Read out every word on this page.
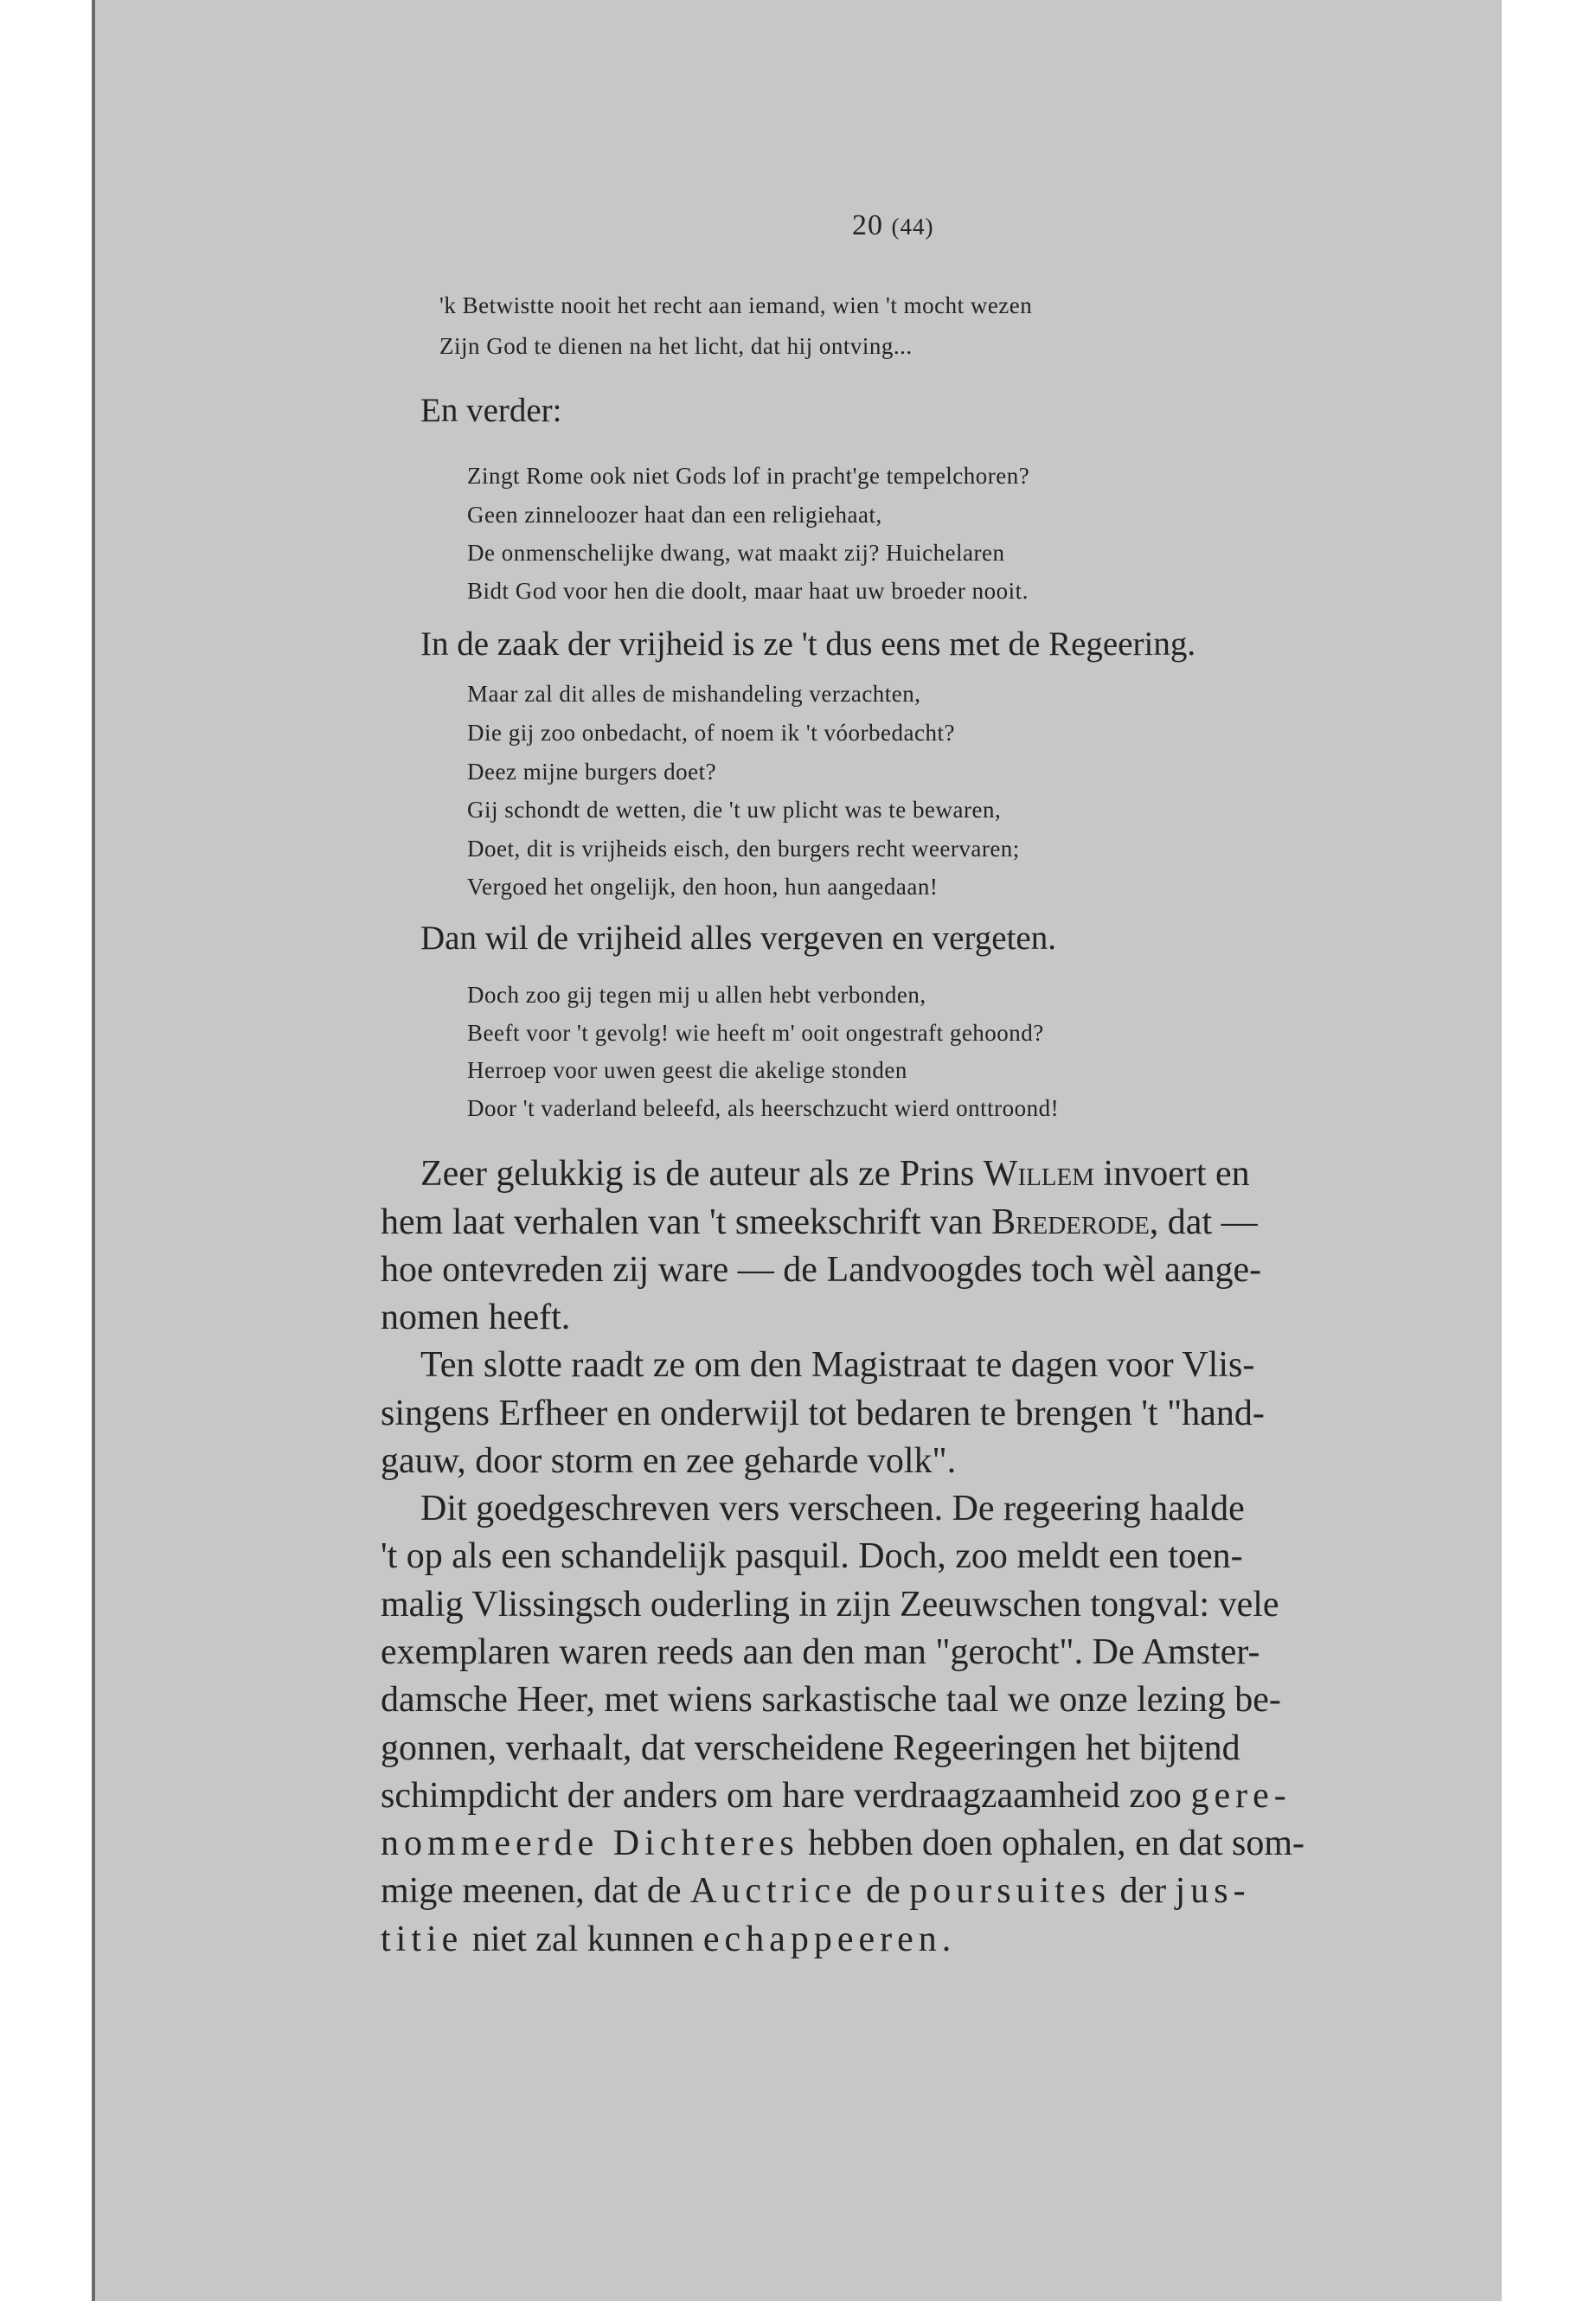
20 (44)
'k Betwistte nooit het recht aan iemand, wien 't mocht wezen
Zijn God te dienen na het licht, dat hij ontving...
En verder:
Zingt Rome ook niet Gods lof in pracht'ge tempelchoren?
Geen zinneloozer haat dan een religiehaat,
De onmenschelijke dwang, wat maakt zij? Huichelaren
Bidt God voor hen die doolt, maar haat uw broeder nooit.
In de zaak der vrijheid is ze 't dus eens met de Regeering.
Maar zal dit alles de mishandeling verzachten,
Die gij zoo onbedacht, of noem ik 't vóorbedacht?
Deez mijne burgers doet?
Gij schondt de wetten, die 't uw plicht was te bewaren,
Doet, dit is vrijheids eisch, den burgers recht weervaren;
Vergoed het ongelijk, den hoon, hun aangedaan!
Dan wil de vrijheid alles vergeven en vergeten.
Doch zoo gij tegen mij u allen hebt verbonden,
Beeft voor 't gevolg! wie heeft m' ooit ongestraft gehoond?
Herroep voor uwen geest die akelige stonden
Door 't vaderland beleefd, als heerschzucht wierd onttroond!
Zeer gelukkig is de auteur als ze Prins Willem invoert en
hem laat verhalen van 't smeekschrift van Brederode, dat —
hoe ontevreden zij ware — de Landvoogdes toch wèl aange-
nomen heeft.
Ten slotte raadt ze om den Magistraat te dagen voor Vlis-
singens Erfheer en onderwijl tot bedaren te brengen 't "hand-
gauw, door storm en zee geharde volk".
Dit goedgeschreven vers verscheen. De regeering haalde
't op als een schandelijk pasquil. Doch, zoo meldt een toen-
malig Vlissingsch ouderling in zijn Zeeuwschen tongval: vele
exemplaren waren reeds aan den man "gerocht". De Amster-
damsche Heer, met wiens sarkastische taal we onze lezing be-
gonnen, verhaalt, dat verscheidene Regeeringen het bijtend
schimpdicht der anders om hare verdraagzaamheid zoo gere-
nommeerde Dichteres hebben doen ophalen, en dat som-
mige meenen, dat de Auctrice de poursuites der jus-
titie niet zal kunnen echappeeren.
